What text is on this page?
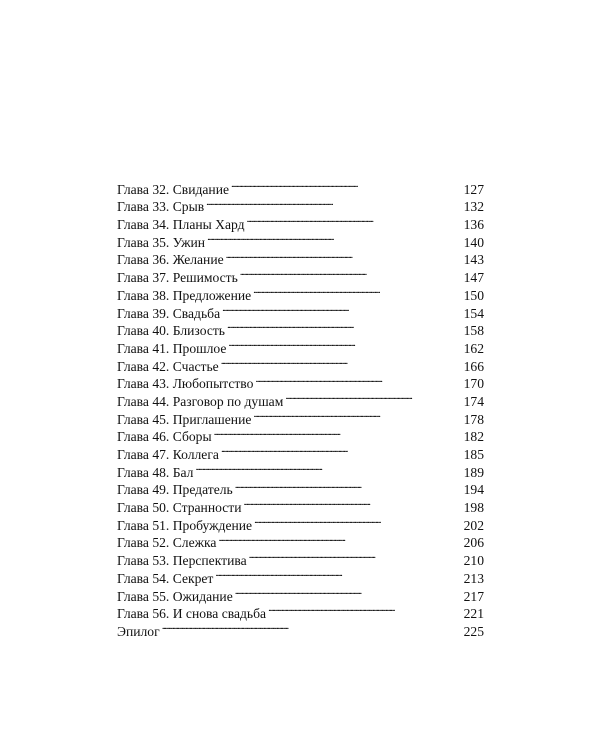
Глава 32. Свидание . . .	127
Глава 33. Срыв . . .	132
Глава 34. Планы Хард . . .	136
Глава 35. Ужин . . .	140
Глава 36. Желание . . .	143
Глава 37. Решимость . . .	147
Глава 38. Предложение . . .	150
Глава 39. Свадьба . . .	154
Глава 40. Близость . . .	158
Глава 41. Прошлое . . .	162
Глава 42. Счастье . . .	166
Глава 43. Любопытство . . .	170
Глава 44. Разговор по душам . . .	174
Глава 45. Приглашение . . .	178
Глава 46. Сборы . . .	182
Глава 47. Коллега . . .	185
Глава 48. Бал . . .	189
Глава 49. Предатель . . .	194
Глава 50. Странности . . .	198
Глава 51. Пробуждение . . .	202
Глава 52. Слежка . . .	206
Глава 53. Перспектива . . .	210
Глава 54. Секрет . . .	213
Глава 55. Ожидание . . .	217
Глава 56. И снова свадьба . . .	221
Эпилог . . .	225
